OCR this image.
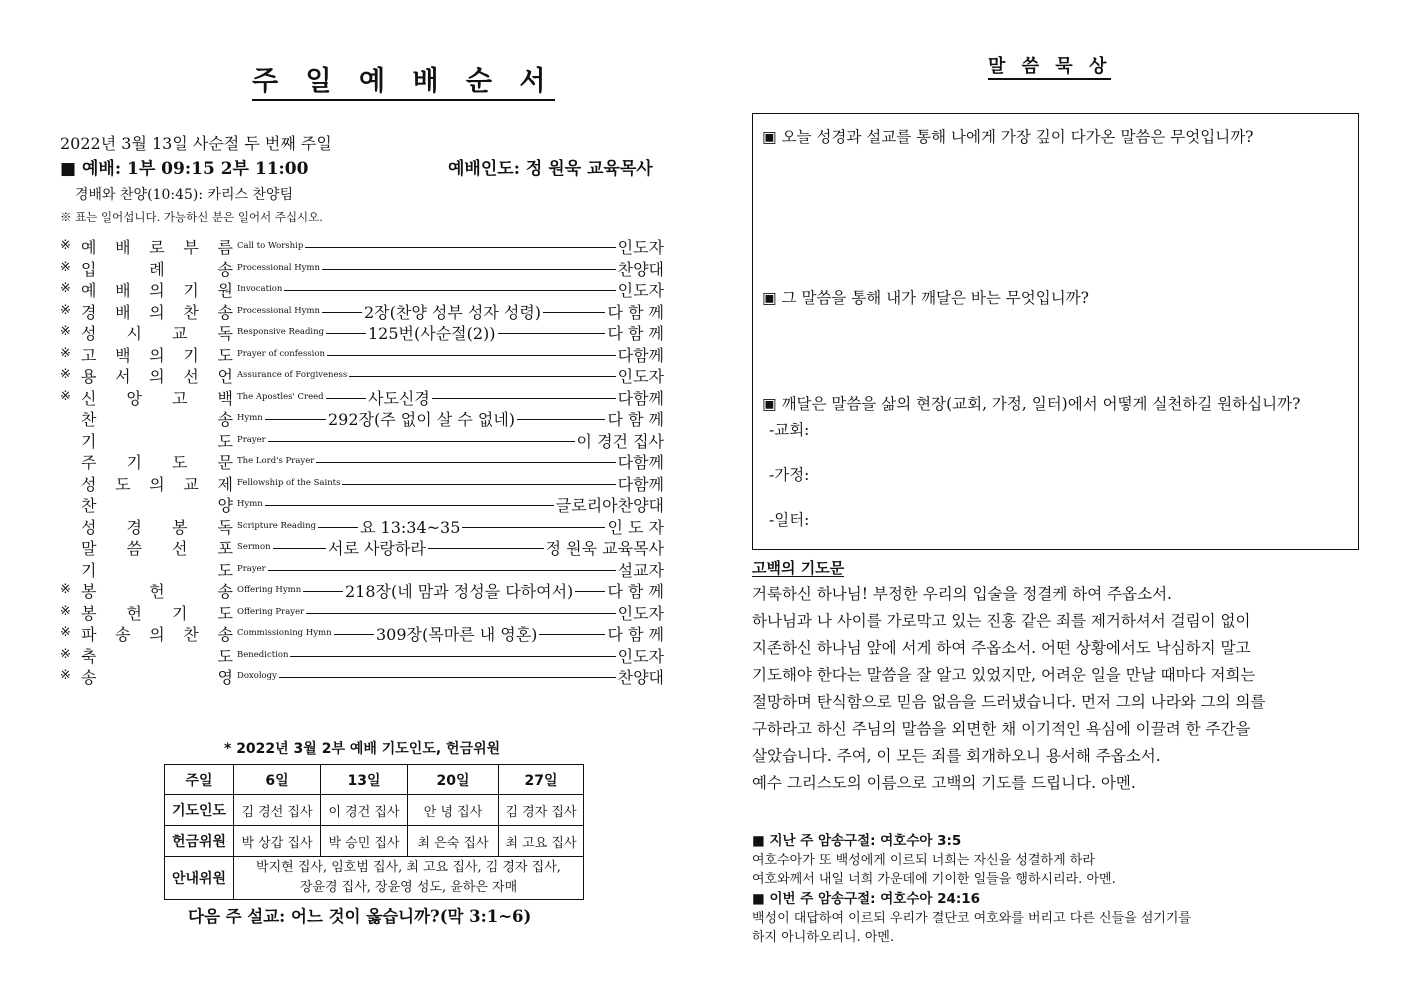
주 일 예 배 순 서
2022년 3월 13일 사순절 두 번째 주일
■ 예배: 1부 09:15 2부 11:00	예배인도: 정 원욱 교육목사
경배와 찬양(10:45): 카리스 찬양팀
※ 표는 일어섭니다. 가능하신 분은 일어서 주십시오.
※ 예 배 로 부 름 Call to Worship	인도자
※ 입	례	송 Processional Hymn	찬양대
※ 예 배 의 기 원 Invocation	인도자
※ 경 배 의 찬 송 Processional Hymn	2장(찬양 성부 성자 성령)	다 함 께
※ 성 시 교 독 Responsive Reading	125번(사순절(2))	다 함 께
※ 고 백 의 기 도 Prayer of confession	다함께
※ 용 서 의 선 언 Assurance of Forgiveness	인도자
※ 신 앙 고 백 The Apostles' Creed	사도신경	다함께
찬	송 Hymn	292장(주 없이 살 수 없네)	다 함 께
기	도 Prayer	이 경건 집사
주 기 도 문 The Lord's Prayer	다함께
성 도 의 교 제 Fellowship of the Saints	다함께
찬	양 Hymn	글로리아찬양대
성 경 봉 독 Scripture Reading	요 13:34~35	인 도 자
말 씀 선 포 Sermon	서로 사랑하라	정 원욱 교육목사
기	도 Prayer	설교자
※ 봉	헌	송 Offering Hymn	218장(네 맘과 정성을 다하여서) 다 함 께
※ 봉 헌 기 도 Offering Prayer	인도자
※ 파 송 의 찬 송 Commissioning Hymn	309장(목마른 내 영혼)	다 함 께
※ 축	도 Benediction	인도자
※ 송	영 Doxology	찬양대
* 2022년 3월 2부 예배 기도인도, 헌금위원
주일	6일	13일	20일	27일
기도인도	김 경선 집사	이 경건 집사	안 녕 집사	김 경자 집사
헌금위원	박 상갑 집사	박 승민 집사	최 은숙 집사	최 고요 집사
안내위원	박지현 집사, 임호범 집사, 최 고요 집사, 김 경자 집사,
장윤경 집사, 장윤영 성도, 윤하은 자매			
다음 주 설교: 어느 것이 옳습니까?(막 3:1~6)
말 씀 묵 상
▣ 오늘 성경과 설교를 통해 나에게 가장 깊이 다가온 말씀은 무엇입니까?
▣ 그 말씀을 통해 내가 깨달은 바는 무엇입니까?
▣ 깨달은 말씀을 삶의 현장(교회, 가정, 일터)에서 어떻게 실천하길 원하십니까?
-교회:
-가정:
-일터:
고백의 기도문
거룩하신 하나님! 부정한 우리의 입술을 정결케 하여 주옵소서.
하나님과 나 사이를 가로막고 있는 진홍 같은 죄를 제거하셔서 걸림이 없이
지존하신 하나님 앞에 서게 하여 주옵소서. 어떤 상황에서도 낙심하지 말고
기도해야 한다는 말씀을 잘 알고 있었지만, 어려운 일을 만날 때마다 저희는
절망하며 탄식함으로 믿음 없음을 드러냈습니다. 먼저 그의 나라와 그의 의를
구하라고 하신 주님의 말씀을 외면한 채 이기적인 욕심에 이끌려 한 주간을
살았습니다. 주여, 이 모든 죄를 회개하오니 용서해 주옵소서.
예수 그리스도의 이름으로 고백의 기도를 드립니다. 아멘.
■ 지난 주 암송구절: 여호수아 3:5
여호수아가 또 백성에게 이르되 너희는 자신을 성결하게 하라
여호와께서 내일 너희 가운데에 기이한 일들을 행하시리라. 아멘.
■ 이번 주 암송구절: 여호수아 24:16
백성이 대답하여 이르되 우리가 결단코 여호와를 버리고 다른 신들을 섬기기를
하지 아니하오리니. 아멘.
